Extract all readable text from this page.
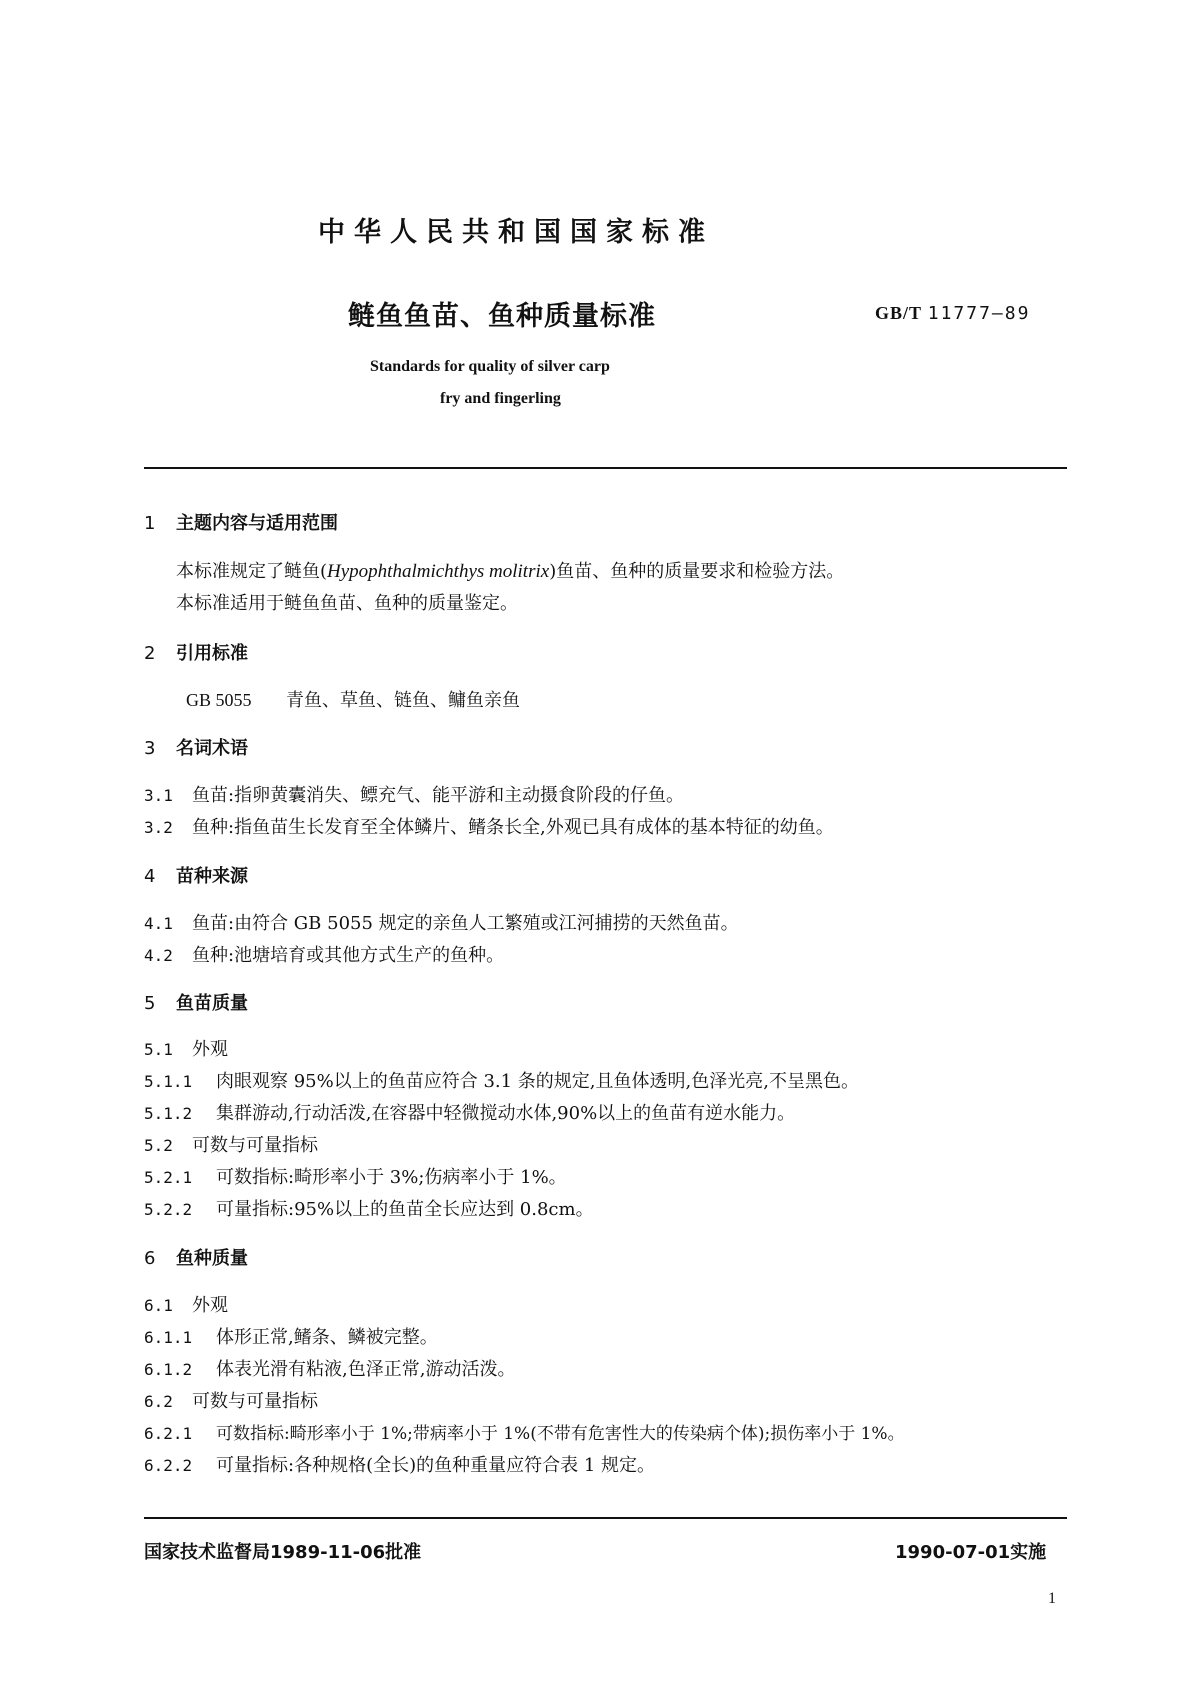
中华人民共和国国家标准
鲢鱼鱼苗、鱼种质量标准	GB/T 11777—89
Standards for quality of silver carp
fry and fingerling
1 主题内容与适用范围
本标准规定了鲢鱼(Hypophthalmichthys molitrix)鱼苗、鱼种的质量要求和检验方法。
本标准适用于鲢鱼鱼苗、鱼种的质量鉴定。
2 引用标准
GB 5055 青鱼、草鱼、链鱼、鳙鱼亲鱼
3 名词术语
3.1 鱼苗:指卵黄囊消失、鳔充气、能平游和主动摄食阶段的仔鱼。
3.2 鱼种:指鱼苗生长发育至全体鳞片、鳍条长全,外观已具有成体的基本特征的幼鱼。
4 苗种来源
4.1 鱼苗:由符合 GB 5055 规定的亲鱼人工繁殖或江河捕捞的天然鱼苗。
4.2 鱼种:池塘培育或其他方式生产的鱼种。
5 鱼苗质量
5.1 外观
5.1.1 肉眼观察 95%以上的鱼苗应符合 3.1 条的规定,且鱼体透明,色泽光亮,不呈黑色。
5.1.2 集群游动,行动活泼,在容器中轻微搅动水体,90%以上的鱼苗有逆水能力。
5.2 可数与可量指标
5.2.1 可数指标:畸形率小于 3%;伤病率小于 1%。
5.2.2 可量指标:95%以上的鱼苗全长应达到 0.8cm。
6 鱼种质量
6.1 外观
6.1.1 体形正常,鳍条、鳞被完整。
6.1.2 体表光滑有粘液,色泽正常,游动活泼。
6.2 可数与可量指标
6.2.1 可数指标:畸形率小于 1%;带病率小于 1%(不带有危害性大的传染病个体);损伤率小于 1%。
6.2.2 可量指标:各种规格(全长)的鱼种重量应符合表 1 规定。
国家技术监督局1989-11-06批准	1990-07-01实施
1
